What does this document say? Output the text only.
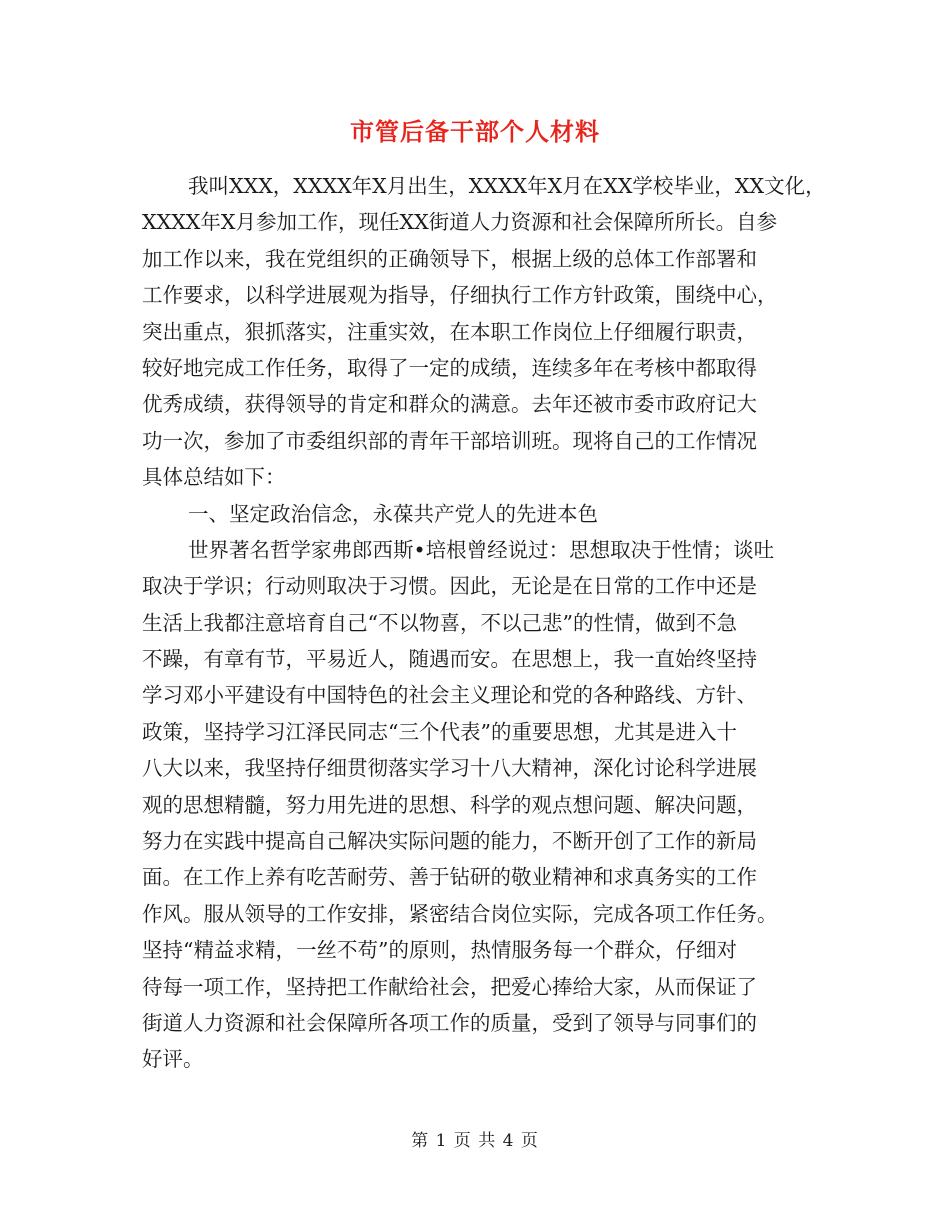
市管后备干部个人材料
我叫XXX，XXXX年X月出生，XXXX年X月在XX学校毕业，XX文化，
XXXX年X月参加工作，现任XX街道人力资源和社会保障所所长。自参
加工作以来，我在党组织的正确领导下，根据上级的总体工作部署和
工作要求，以科学进展观为指导，仔细执行工作方针政策，围绕中心，
突出重点，狠抓落实，注重实效，在本职工作岗位上仔细履行职责，
较好地完成工作任务，取得了一定的成绩，连续多年在考核中都取得
优秀成绩，获得领导的肯定和群众的满意。去年还被市委市政府记大
功一次，参加了市委组织部的青年干部培训班。现将自己的工作情况
具体总结如下：
一、坚定政治信念，永葆共产党人的先进本色
世界著名哲学家弗郎西斯•培根曾经说过：思想取决于性情；谈吐
取决于学识；行动则取决于习惯。因此，无论是在日常的工作中还是
生活上我都注意培育自己“不以物喜，不以己悲”的性情，做到不急
不躁，有章有节，平易近人，随遇而安。在思想上，我一直始终坚持
学习邓小平建设有中国特色的社会主义理论和党的各种路线、方针、
政策，坚持学习江泽民同志“三个代表”的重要思想，尤其是进入十
八大以来，我坚持仔细贯彻落实学习十八大精神，深化讨论科学进展
观的思想精髓，努力用先进的思想、科学的观点想问题、解决问题，
努力在实践中提高自己解决实际问题的能力，不断开创了工作的新局
面。在工作上养有吃苦耐劳、善于钻研的敬业精神和求真务实的工作
作风。服从领导的工作安排，紧密结合岗位实际，完成各项工作任务。
坚持“精益求精，一丝不苟”的原则，热情服务每一个群众，仔细对
待每一项工作，坚持把工作献给社会，把爱心捧给大家，从而保证了
街道人力资源和社会保障所各项工作的质量，受到了领导与同事们的
好评。
第 1 页 共 4 页
